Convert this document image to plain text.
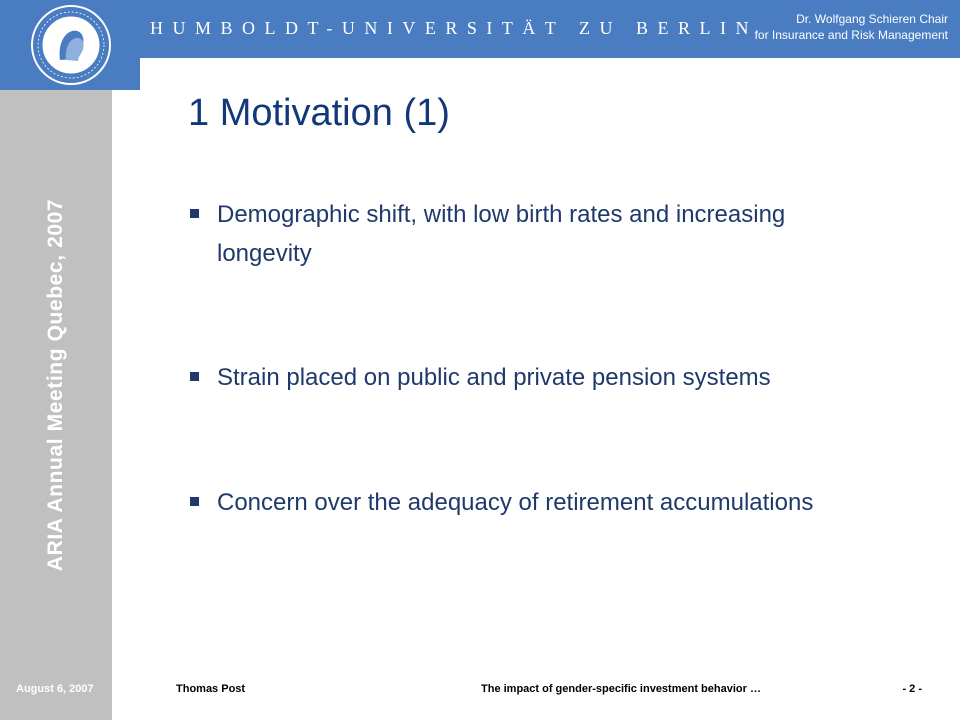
HUMBOLDT-UNIVERSITÄT ZU BERLIN	Dr. Wolfgang Schieren Chair
for Insurance and Risk Management
ARIA Annual Meeting Quebec, 2007
1 Motivation (1)
Demographic shift, with low birth rates and increasing longevity
Strain placed on public and private pension systems
Concern over the adequacy of retirement accumulations
August 6, 2007	Thomas Post	The impact of gender-specific investment behavior …	- 2 -
